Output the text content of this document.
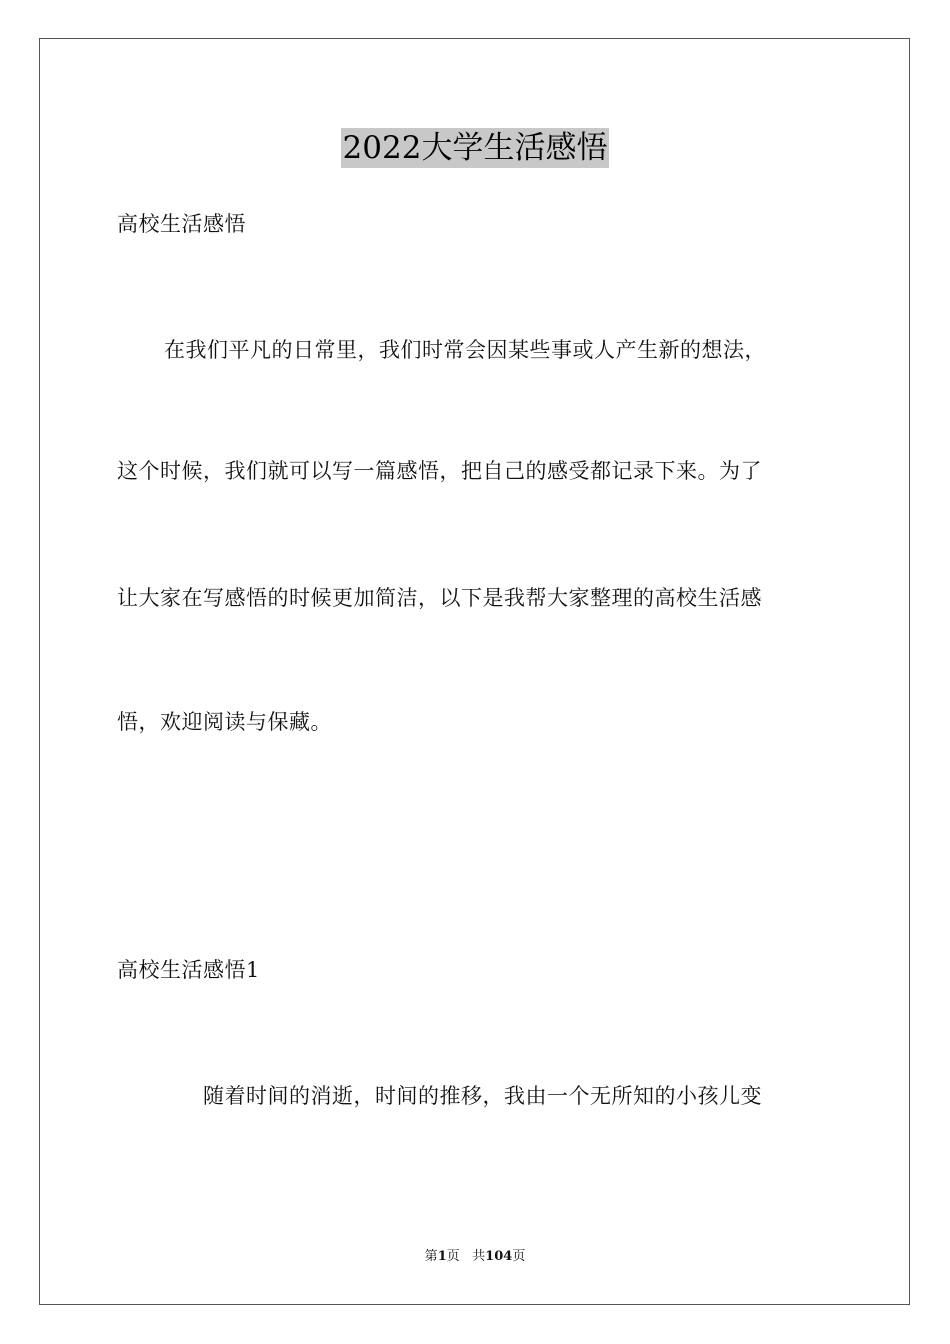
2022大学生活感悟
高校生活感悟
在我们平凡的日常里，我们时常会因某些事或人产生新的想法，
这个时候，我们就可以写一篇感悟，把自己的感受都记录下来。为了
让大家在写感悟的时候更加简洁，以下是我帮大家整理的高校生活感
悟，欢迎阅读与保藏。
高校生活感悟1
随着时间的消逝，时间的推移，我由一个无所知的小孩儿变
第1页 共104页
